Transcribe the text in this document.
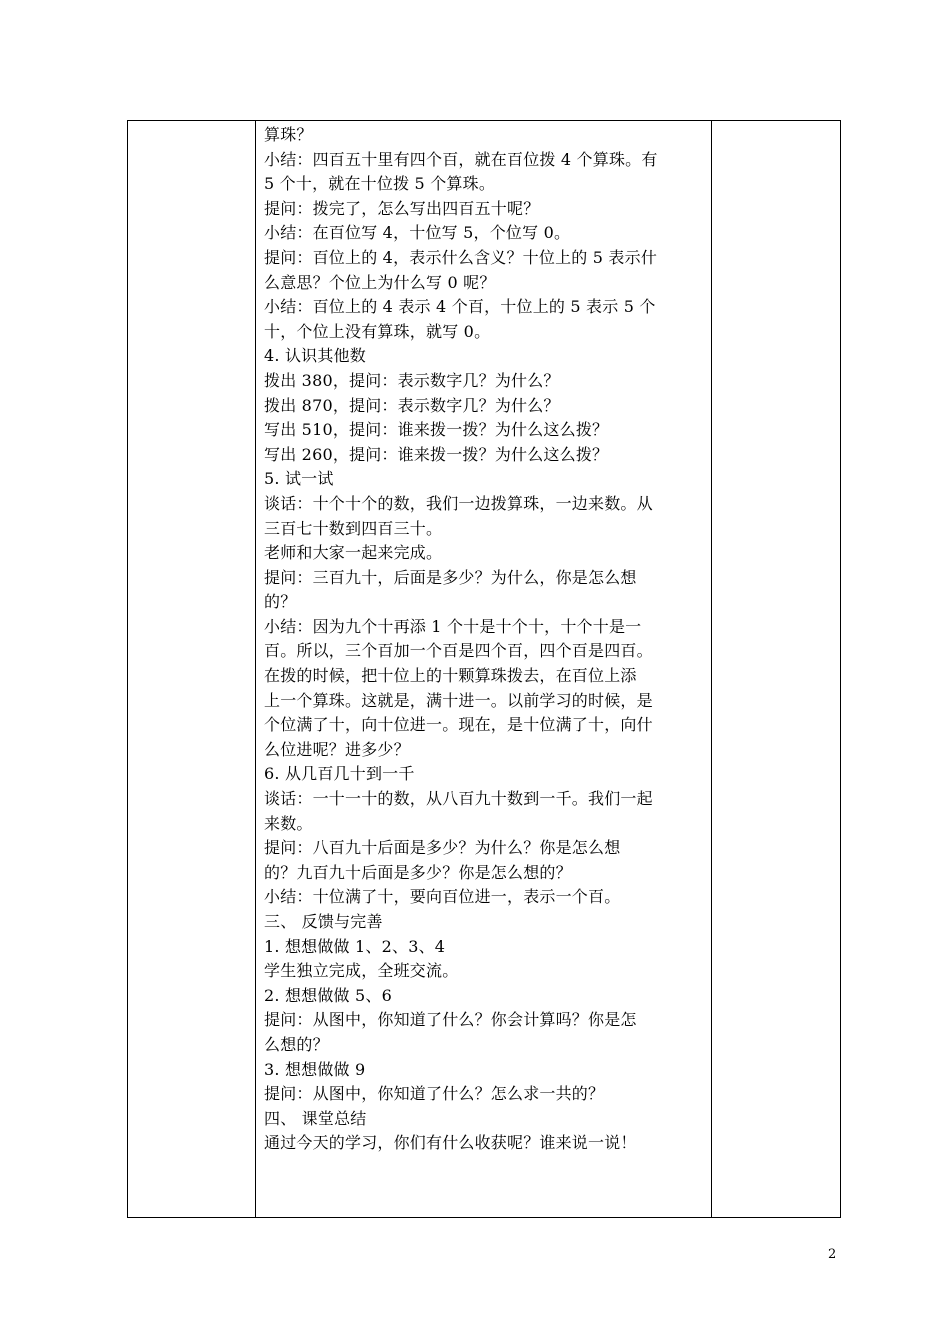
算珠？
小结：四百五十里有四个百，就在百位拨 4 个算珠。有
5 个十，就在十位拨 5 个算珠。
提问：拨完了，怎么写出四百五十呢？
小结：在百位写 4，十位写 5，个位写 0。
提问：百位上的 4，表示什么含义？十位上的 5 表示什
么意思？个位上为什么写 0 呢？
小结：百位上的 4 表示 4 个百，十位上的 5 表示 5 个
十，个位上没有算珠，就写 0。
4. 认识其他数
拨出 380，提问：表示数字几？为什么？
拨出 870，提问：表示数字几？为什么？
写出 510，提问：谁来拨一拨？为什么这么拨？
写出 260，提问：谁来拨一拨？为什么这么拨？
5. 试一试
谈话：十个十个的数，我们一边拨算珠，一边来数。从
三百七十数到四百三十。
老师和大家一起来完成。
提问：三百九十，后面是多少？为什么，你是怎么想
的？
小结：因为九个十再添 1 个十是十个十，十个十是一
百。所以，三个百加一个百是四个百，四个百是四百。
在拨的时候，把十位上的十颗算珠拨去，在百位上添
上一个算珠。这就是，满十进一。以前学习的时候，是
个位满了十，向十位进一。现在，是十位满了十，向什
么位进呢？进多少？
6. 从几百几十到一千
谈话：一十一十的数，从八百九十数到一千。我们一起
来数。
提问：八百九十后面是多少？为什么？你是怎么想
的？九百九十后面是多少？你是怎么想的？
小结：十位满了十，要向百位进一，表示一个百。
三、 反馈与完善
1. 想想做做 1、2、3、4
学生独立完成，全班交流。
2. 想想做做 5、6
提问：从图中，你知道了什么？你会计算吗？你是怎
么想的？
3. 想想做做 9
提问：从图中，你知道了什么？怎么求一共的？
四、 课堂总结
通过今天的学习，你们有什么收获呢？谁来说一说！
2
